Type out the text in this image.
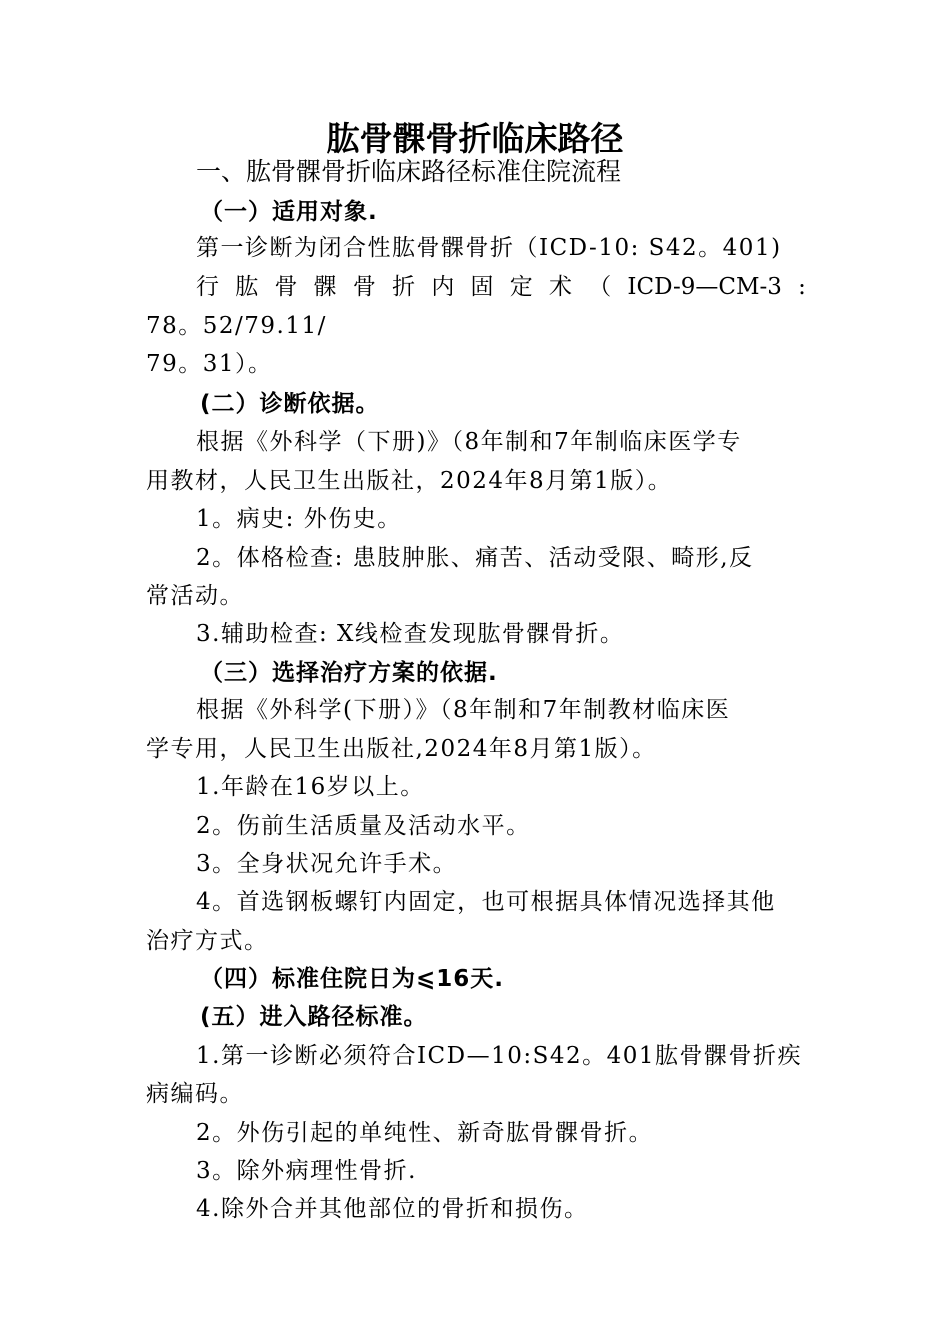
肱骨髁骨折临床路径
一、肱骨髁骨折临床路径标准住院流程
（一）适用对象.
第一诊断为闭合性肱骨髁骨折（ICD-10: S42。401)
行 肱 骨 髁 骨 折 内 固 定 术 （ ICD-9—CM-3 :
78。52/79.11/
79。31）。
(二）诊断依据。
根据《外科学（下册)》（8年制和7年制临床医学专
用教材，人民卫生出版社，2024年8月第1版）。
1。病史: 外伤史。
2。体格检查: 患肢肿胀、痛苦、活动受限、畸形,反
常活动。
3.辅助检查: X线检查发现肱骨髁骨折。
（三）选择治疗方案的依据.
根据《外科学(下册）》（8年制和7年制教材临床医
学专用，人民卫生出版社,2024年8月第1版）。
1.年龄在16岁以上。
2。伤前生活质量及活动水平。
3。全身状况允许手术。
4。首选钢板螺钉内固定，也可根据具体情况选择其他
治疗方式。
（四）标准住院日为⩽16天.
(五）进入路径标准。
1.第一诊断必须符合ICD—10:S42。401肱骨髁骨折疾
病编码。
2。外伤引起的单纯性、新奇肱骨髁骨折。
3。除外病理性骨折.
4.除外合并其他部位的骨折和损伤。
